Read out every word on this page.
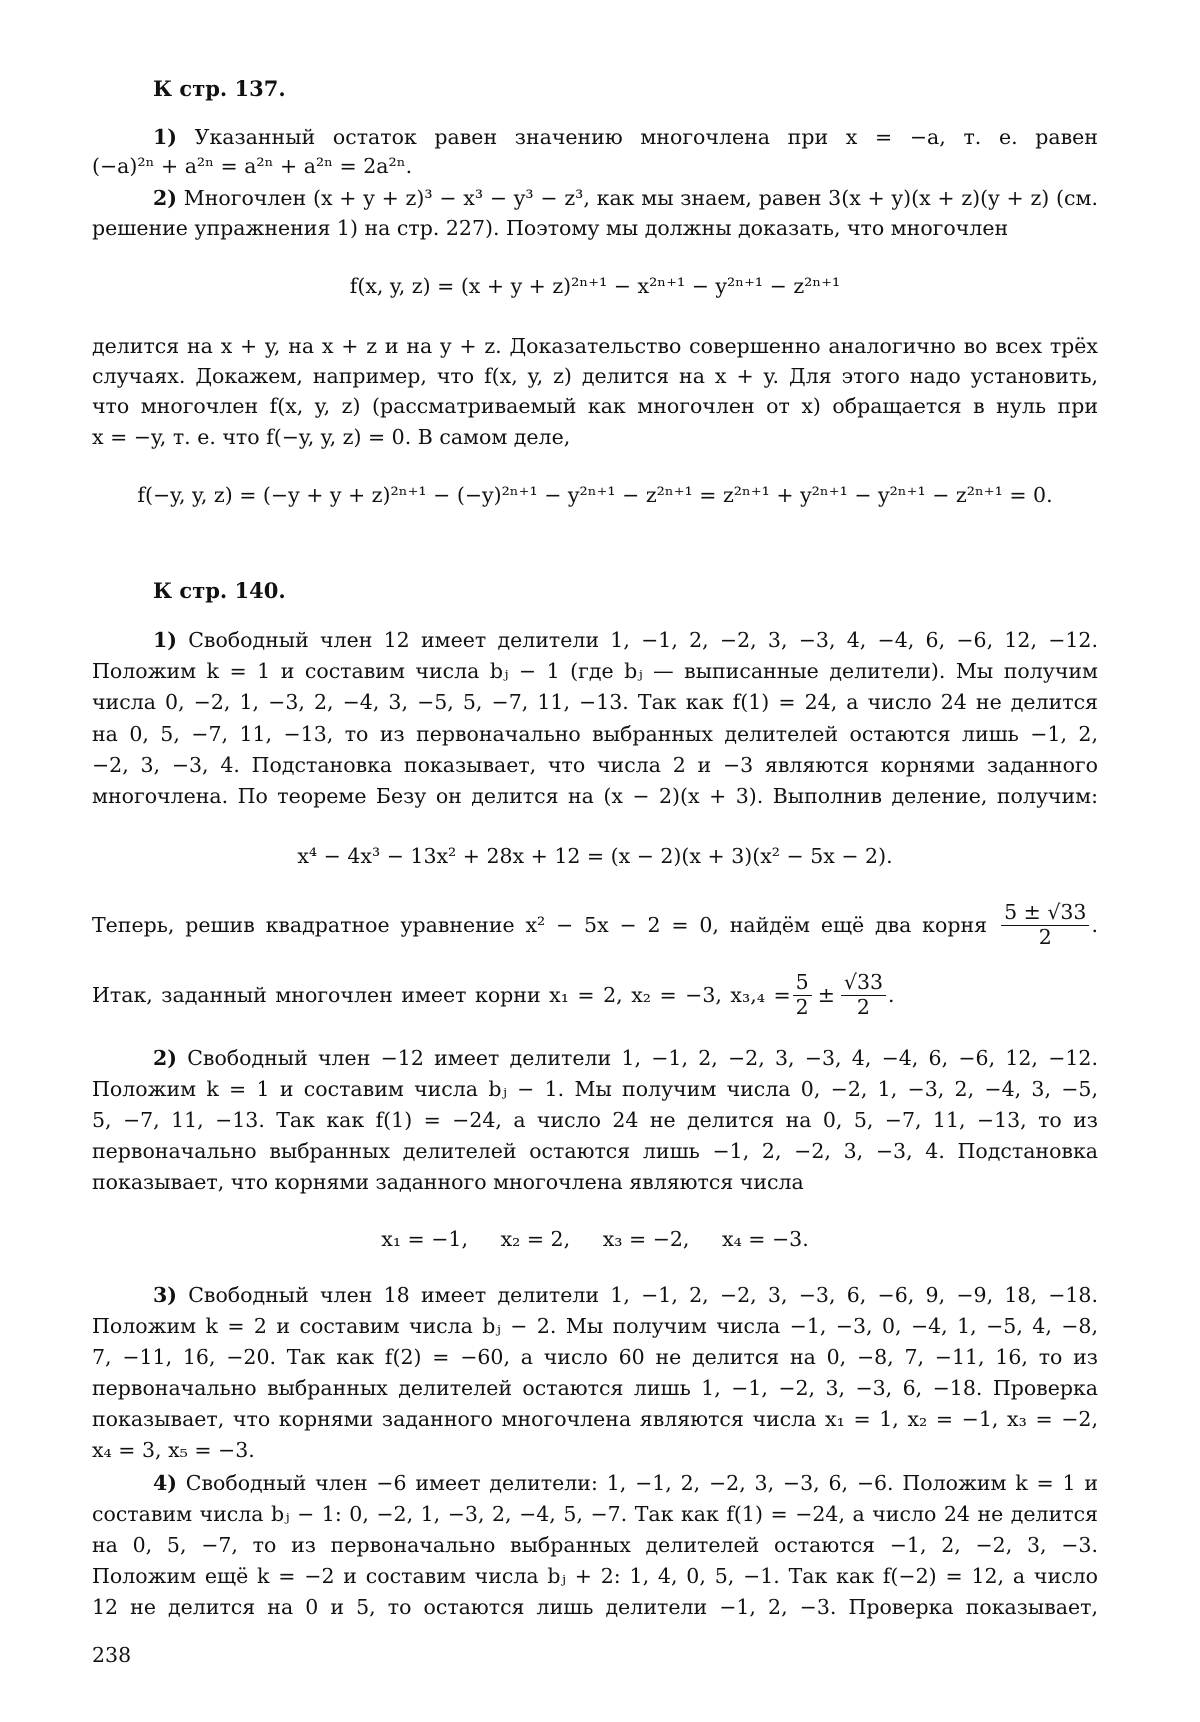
К стр. 137.
1) Указанный остаток равен значению многочлена при x = −a, т. е. равен
(−a)²ⁿ + a²ⁿ = a²ⁿ + a²ⁿ = 2a²ⁿ.
2) Многочлен (x + y + z)³ − x³ − y³ − z³, как мы знаем, равен 3(x + y)(x + z)(y + z) (см.
решение упражнения 1) на стр. 227). Поэтому мы должны доказать, что многочлен
f(x, y, z) = (x + y + z)²ⁿ⁺¹ − x²ⁿ⁺¹ − y²ⁿ⁺¹ − z²ⁿ⁺¹
делится на x + y, на x + z и на y + z. Доказательство совершенно аналогично во всех трёх
случаях. Докажем, например, что f(x, y, z) делится на x + y. Для этого надо установить,
что многочлен f(x, y, z) (рассматриваемый как многочлен от x) обращается в нуль при
x = −y, т. е. что f(−y, y, z) = 0. В самом деле,
f(−y, y, z) = (−y + y + z)²ⁿ⁺¹ − (−y)²ⁿ⁺¹ − y²ⁿ⁺¹ − z²ⁿ⁺¹ = z²ⁿ⁺¹ + y²ⁿ⁺¹ − y²ⁿ⁺¹ − z²ⁿ⁺¹ = 0.
К стр. 140.
1) Свободный член 12 имеет делители 1, −1, 2, −2, 3, −3, 4, −4, 6, −6, 12, −12.
Положим k = 1 и составим числа bⱼ − 1 (где bⱼ — выписанные делители). Мы получим
числа 0, −2, 1, −3, 2, −4, 3, −5, 5, −7, 11, −13. Так как f(1) = 24, а число 24 не делится
на 0, 5, −7, 11, −13, то из первоначально выбранных делителей остаются лишь −1, 2,
−2, 3, −3, 4. Подстановка показывает, что числа 2 и −3 являются корнями заданного
многочлена. По теореме Безу он делится на (x − 2)(x + 3). Выполнив деление, получим:
x⁴ − 4x³ − 13x² + 28x + 12 = (x − 2)(x + 3)(x² − 5x − 2).
Теперь, решив квадратное уравнение x² − 5x − 2 = 0, найдём ещё два корня
5 ± √33
2	.
Итак, заданный многочлен имеет корни x₁ = 2, x₂ = −3, x₃,₄ =
5
2 ±
√33
2 .
2) Свободный член −12 имеет делители 1, −1, 2, −2, 3, −3, 4, −4, 6, −6, 12, −12.
Положим k = 1 и составим числа bⱼ − 1. Мы получим числа 0, −2, 1, −3, 2, −4, 3, −5,
5, −7, 11, −13. Так как f(1) = −24, а число 24 не делится на 0, 5, −7, 11, −13, то из
первоначально выбранных делителей остаются лишь −1, 2, −2, 3, −3, 4. Подстановка
показывает, что корнями заданного многочлена являются числа
x₁ = −1,     x₂ = 2,     x₃ = −2,     x₄ = −3.
3) Свободный член 18 имеет делители 1, −1, 2, −2, 3, −3, 6, −6, 9, −9, 18, −18.
Положим k = 2 и составим числа bⱼ − 2. Мы получим числа −1, −3, 0, −4, 1, −5, 4, −8,
7, −11, 16, −20. Так как f(2) = −60, а число 60 не делится на 0, −8, 7, −11, 16, то из
первоначально выбранных делителей остаются лишь 1, −1, −2, 3, −3, 6, −18. Проверка
показывает, что корнями заданного многочлена являются числа x₁ = 1, x₂ = −1, x₃ = −2,
x₄ = 3, x₅ = −3.
4) Свободный член −6 имеет делители: 1, −1, 2, −2, 3, −3, 6, −6. Положим k = 1 и
составим числа bⱼ − 1: 0, −2, 1, −3, 2, −4, 5, −7. Так как f(1) = −24, а число 24 не делится
на 0, 5, −7, то из первоначально выбранных делителей остаются −1, 2, −2, 3, −3.
Положим ещё k = −2 и составим числа bⱼ + 2: 1, 4, 0, 5, −1. Так как f(−2) = 12, а число
12 не делится на 0 и 5, то остаются лишь делители −1, 2, −3. Проверка показывает,
238
